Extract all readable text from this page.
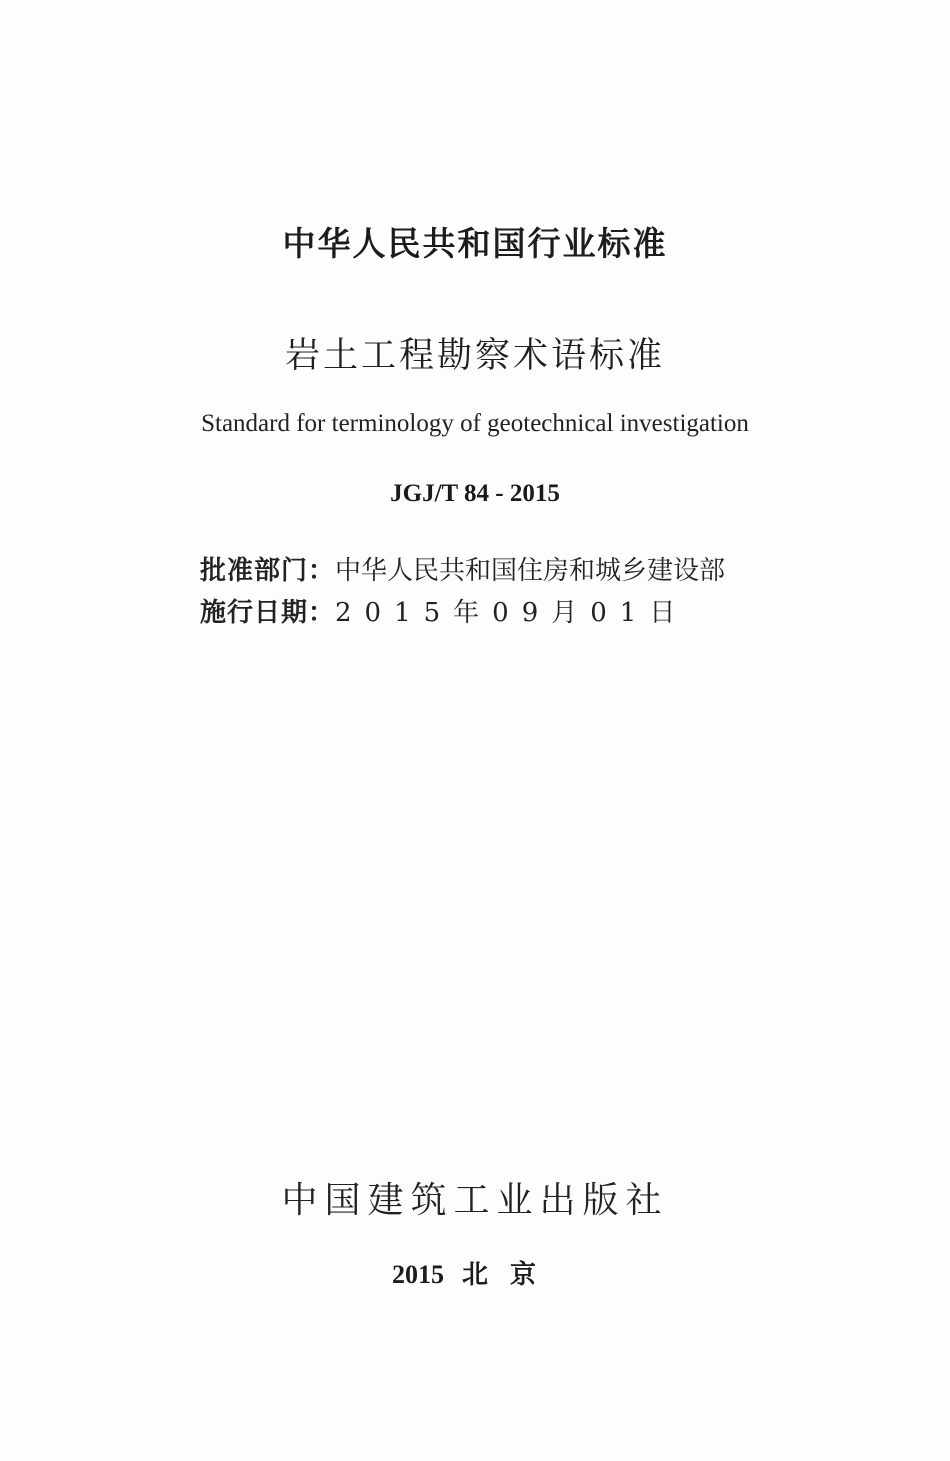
中华人民共和国行业标准
岩土工程勘察术语标准
Standard for terminology of geotechnical investigation
JGJ/T 84 - 2015
批准部门：中华人民共和国住房和城乡建设部
施行日期：2015年09月01日
中国建筑工业出版社
2015 北京
